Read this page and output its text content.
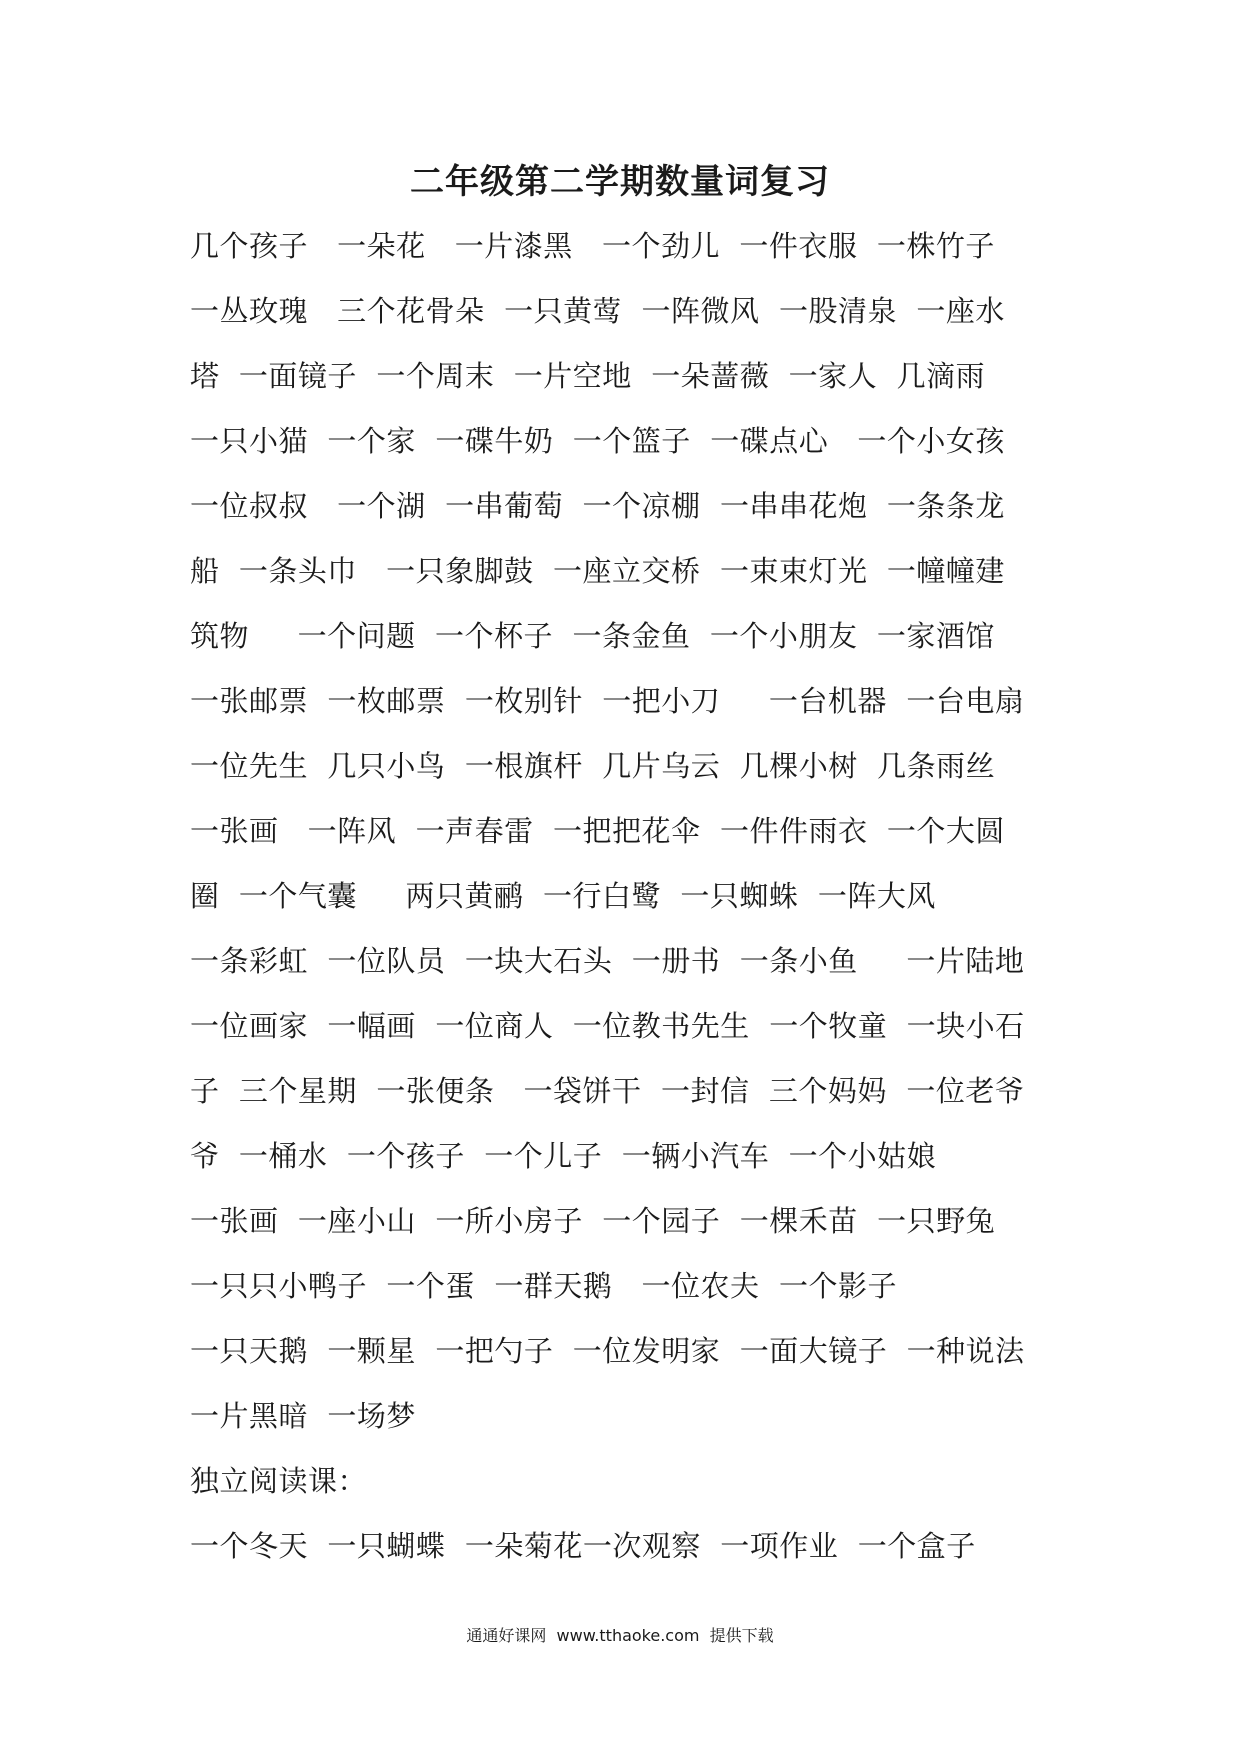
二年级第二学期数量词复习
几个孩子   一朵花   一片漆黑   一个劲儿  一件衣服  一株竹子
一丛玫瑰   三个花骨朵  一只黄莺  一阵微风  一股清泉  一座水
塔  一面镜子  一个周末  一片空地  一朵蔷薇  一家人  几滴雨
一只小猫  一个家  一碟牛奶  一个篮子  一碟点心   一个小女孩
一位叔叔   一个湖  一串葡萄  一个凉棚  一串串花炮  一条条龙
船  一条头巾   一只象脚鼓  一座立交桥  一束束灯光  一幢幢建
筑物     一个问题  一个杯子  一条金鱼  一个小朋友  一家酒馆
一张邮票  一枚邮票  一枚别针  一把小刀     一台机器  一台电扇
一位先生  几只小鸟  一根旗杆  几片乌云  几棵小树  几条雨丝
一张画   一阵风  一声春雷  一把把花伞  一件件雨衣  一个大圆
圈  一个气囊     两只黄鹂  一行白鹭  一只蜘蛛  一阵大风
一条彩虹  一位队员  一块大石头  一册书  一条小鱼     一片陆地
一位画家  一幅画  一位商人  一位教书先生  一个牧童  一块小石
子  三个星期  一张便条   一袋饼干  一封信  三个妈妈  一位老爷
爷  一桶水  一个孩子  一个儿子  一辆小汽车  一个小姑娘
一张画  一座小山  一所小房子  一个园子  一棵禾苗  一只野兔
一只只小鸭子  一个蛋  一群天鹅   一位农夫  一个影子
一只天鹅  一颗星  一把勺子  一位发明家  一面大镜子  一种说法
一片黑暗  一场梦
独立阅读课：
一个冬天  一只蝴蝶  一朵菊花一次观察  一项作业  一个盒子
通通好课网  www.tthaoke.com  提供下载
